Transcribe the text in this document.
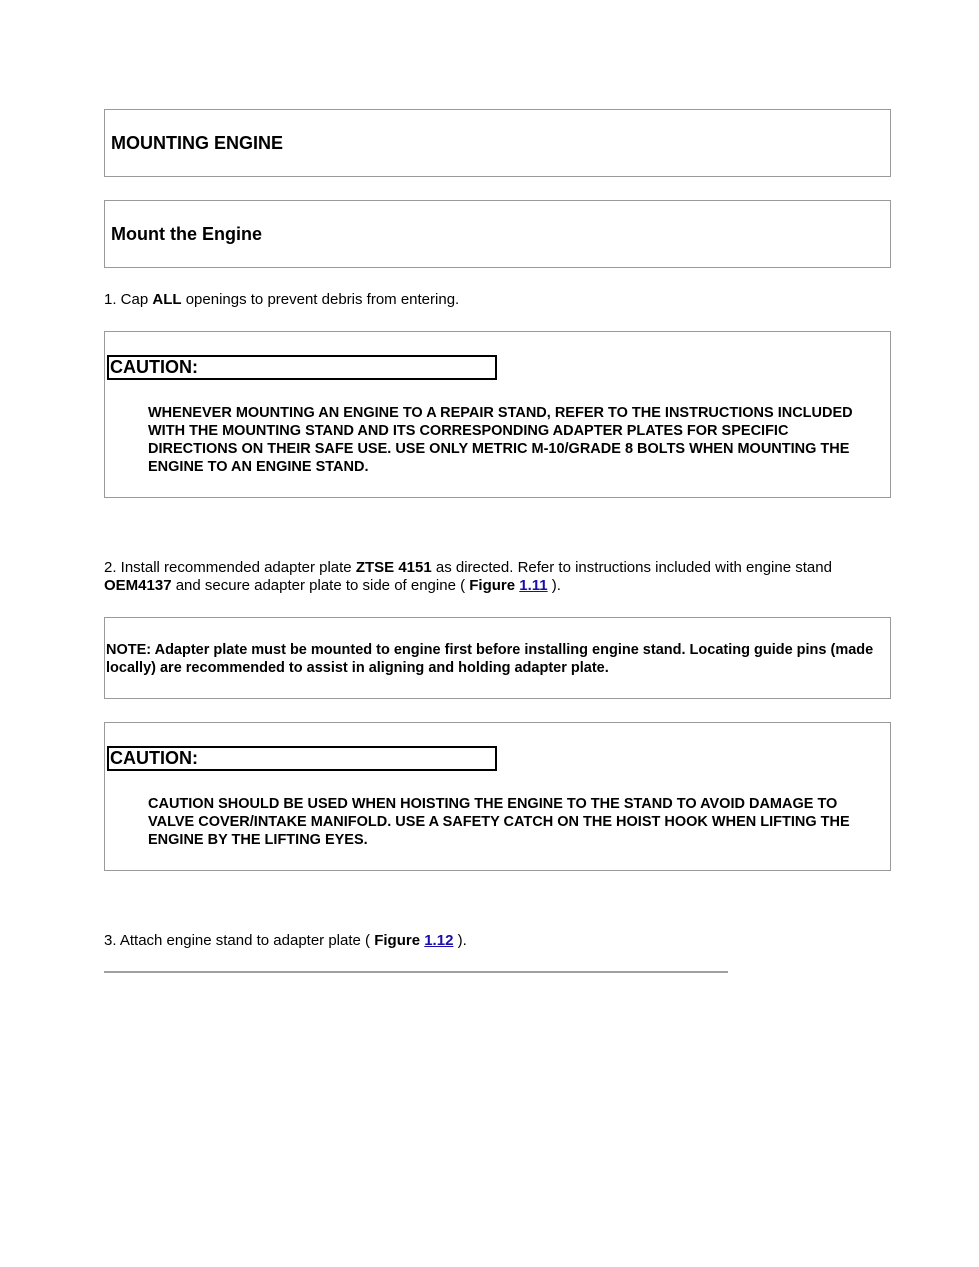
MOUNTING ENGINE
Mount the Engine
1. Cap ALL openings to prevent debris from entering.
CAUTION:
WHENEVER MOUNTING AN ENGINE TO A REPAIR STAND, REFER TO THE INSTRUCTIONS INCLUDED WITH THE MOUNTING STAND AND ITS CORRESPONDING ADAPTER PLATES FOR SPECIFIC DIRECTIONS ON THEIR SAFE USE. USE ONLY METRIC M-10/GRADE 8 BOLTS WHEN MOUNTING THE ENGINE TO AN ENGINE STAND.
2. Install recommended adapter plate ZTSE 4151 as directed. Refer to instructions included with engine stand OEM4137 and secure adapter plate to side of engine ( Figure 1.11 ).
NOTE: Adapter plate must be mounted to engine first before installing engine stand. Locating guide pins (made locally) are recommended to assist in aligning and holding adapter plate.
CAUTION:
CAUTION SHOULD BE USED WHEN HOISTING THE ENGINE TO THE STAND TO AVOID DAMAGE TO VALVE COVER/INTAKE MANIFOLD. USE A SAFETY CATCH ON THE HOIST HOOK WHEN LIFTING THE ENGINE BY THE LIFTING EYES.
3. Attach engine stand to adapter plate ( Figure 1.12 ).
